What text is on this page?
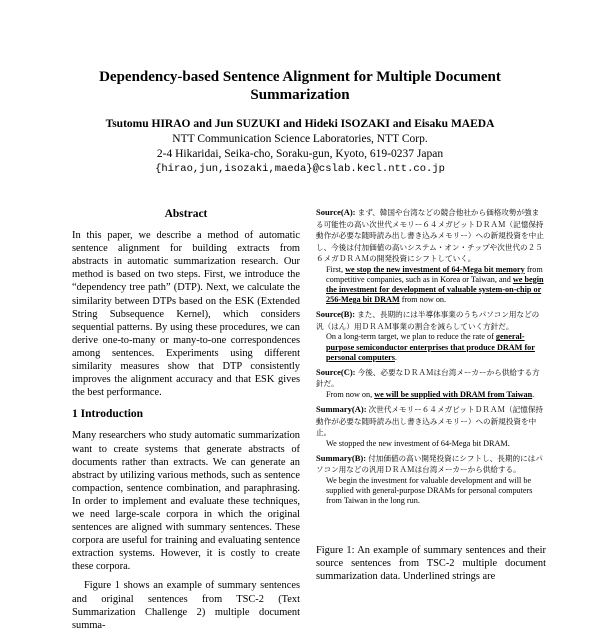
Dependency-based Sentence Alignment for Multiple Document
Summarization
Tsutomu HIRAO and Jun SUZUKI and Hideki ISOZAKI and Eisaku MAEDA
NTT Communication Science Laboratories, NTT Corp.
2-4 Hikaridai, Seika-cho, Soraku-gun, Kyoto, 619-0237 Japan
{hirao,jun,isozaki,maeda}@cslab.kecl.ntt.co.jp
Abstract

In this paper, we describe a method of automatic sentence alignment for building extracts from abstracts in automatic summarization research. Our method is based on two steps. First, we introduce the “dependency tree path” (DTP). Next, we calculate the similarity between DTPs based on the ESK (Extended String Subsequence Kernel), which considers sequential patterns. By using these procedures, we can derive one-to-many or many-to-one correspondences among sentences. Experiments using different similarity measures show that DTP consistently improves the alignment accuracy and that ESK gives the best performance.

1 Introduction

Many researchers who study automatic summarization want to create systems that generate abstracts of documents rather than extracts. We can generate an abstract by utilizing various methods, such as sentence compaction, sentence combination, and paraphrasing. In order to implement and evaluate these techniques, we need large-scale corpora in which the original sentences are aligned with summary sentences. These corpora are useful for training and evaluating sentence extraction systems. However, it is costly to create these corpora.

Figure 1 shows an example of summary sentences and original sentences from TSC-2 (Text Summarization Challenge 2) multiple document summa-

Source(A): まず、韓国や台湾などの競合他社から価格攻勢が強まる可能性の高い次世代メモリー６４メガビットＤＲＡＭ（記憶保持動作が必要な随時読み出し書き込みメモリー）への新規投資を中止し、今後は付加価値の高いシステム・オン・チップや次世代の２５６メガＤＲＡＭの開発投資にシフトしていく。
First, we stop the new investment of 64-Mega bit memory from competitive companies, such as in Korea or Taiwan, and we begin the investment for development of valuable system-on-chip or 256-Mega bit DRAM from now on.
Source(B): また、長期的には半導体事業のうちパソコン用などの汎（はん）用ＤＲＡＭ事業の割合を減らしていく方針だ。
On a long-term target, we plan to reduce the rate of general-purpose semiconductor enterprises that produce DRAM for personal computers.
Source(C): 今後、必要なＤＲＡＭは台湾メーカーから供給する方針だ。
From now on, we will be supplied with DRAM from Taiwan.
Summary(A): 次世代メモリー６４メガビットＤＲＡＭ（記憶保持動作が必要な随時読み出し書き込みメモリー）への新規投資を中止。
We stopped the new investment of 64-Mega bit DRAM.
Summary(B): 付加価値の高い開発投資にシフトし、長期的にはパソコン用などの汎用ＤＲＡＭは台湾メーカーから供給する。
We begin the investment for valuable development and will be supplied with general-purpose DRAMs for personal computers from Taiwan in the long run.
Figure 1: An example of summary sentences and their source sentences from TSC-2 multiple document summarization data. Underlined strings are
